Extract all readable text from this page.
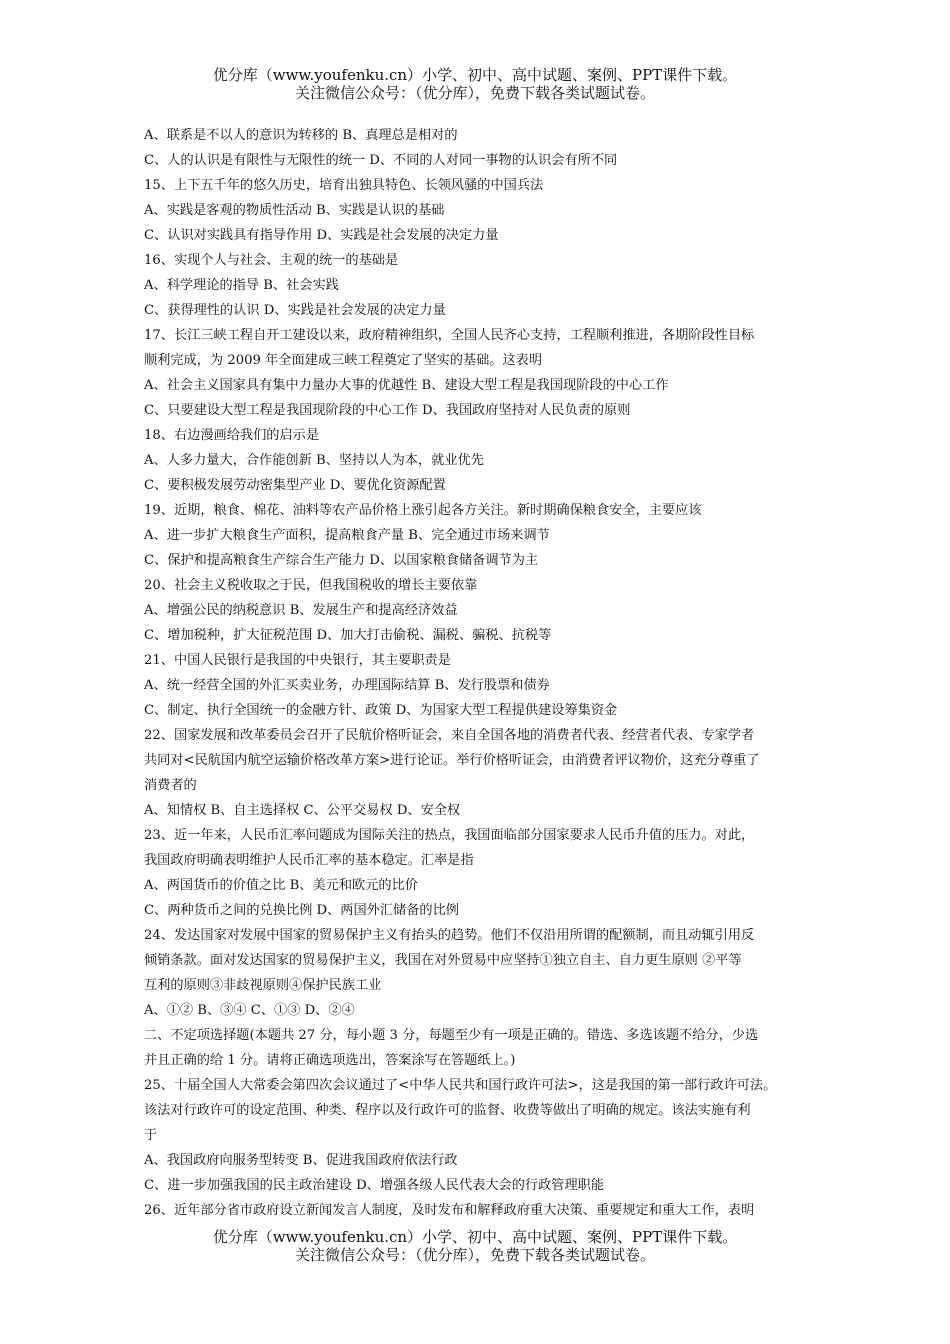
优分库（www.youfenku.cn）小学、初中、高中试题、案例、PPT课件下载。
关注微信公众号：（优分库），免费下载各类试题试卷。
A、联系是不以人的意识为转移的 B、真理总是相对的
C、人的认识是有限性与无限性的统一 D、不同的人对同一事物的认识会有所不同
15、上下五千年的悠久历史，培育出独具特色、长领风骚的中国兵法
A、实践是客观的物质性活动 B、实践是认识的基础
C、认识对实践具有指导作用 D、实践是社会发展的决定力量
16、实现个人与社会、主观的统一的基础是
A、科学理论的指导 B、社会实践
C、获得理性的认识 D、实践是社会发展的决定力量
17、长江三峡工程自开工建设以来，政府精神组织，全国人民齐心支持，工程顺利推进，各期阶段性目标
顺利完成，为 2009 年全面建成三峡工程奠定了坚实的基础。这表明
A、社会主义国家具有集中力量办大事的优越性 B、建设大型工程是我国现阶段的中心工作
C、只要建设大型工程是我国现阶段的中心工作 D、我国政府坚持对人民负责的原则
18、右边漫画给我们的启示是
A、人多力量大，合作能创新 B、坚持以人为本，就业优先
C、要积极发展劳动密集型产业 D、要优化资源配置
19、近期，粮食、棉花、油料等农产品价格上涨引起各方关注。新时期确保粮食安全，主要应该
A、进一步扩大粮食生产面积，提高粮食产量 B、完全通过市场来调节
C、保护和提高粮食生产综合生产能力 D、以国家粮食储备调节为主
20、社会主义税收取之于民，但我国税收的增长主要依靠
A、增强公民的纳税意识 B、发展生产和提高经济效益
C、增加税种，扩大征税范围 D、加大打击偷税、漏税、骗税、抗税等
21、中国人民银行是我国的中央银行，其主要职责是
A、统一经营全国的外汇买卖业务，办理国际结算 B、发行股票和债券
C、制定、执行全国统一的金融方针、政策 D、为国家大型工程提供建设筹集资金
22、国家发展和改革委员会召开了民航价格听证会，来自全国各地的消费者代表、经营者代表、专家学者
共同对<民航国内航空运输价格改革方案>进行论证。举行价格听证会，由消费者评议物价，这充分尊重了
消费者的
A、知情权 B、自主选择权 C、公平交易权 D、安全权
23、近一年来，人民币汇率问题成为国际关注的热点，我国面临部分国家要求人民币升值的压力。对此，
我国政府明确表明维护人民币汇率的基本稳定。汇率是指
A、两国货币的价值之比 B、美元和欧元的比价
C、两种货币之间的兑换比例 D、两国外汇储备的比例
24、发达国家对发展中国家的贸易保护主义有抬头的趋势。他们不仅沿用所谓的配额制，而且动辄引用反
倾销条款。面对发达国家的贸易保护主义，我国在对外贸易中应坚持①独立自主、自力更生原则 ②平等
互利的原则③非歧视原则④保护民族工业
A、①② B、③④ C、①③ D、②④
二、不定项选择题(本题共 27 分，每小题 3 分，每题至少有一项是正确的。错选、多选该题不给分，少选
并且正确的给 1 分。请将正确选项选出，答案涂写在答题纸上。)
25、十届全国人大常委会第四次会议通过了<中华人民共和国行政许可法>，这是我国的第一部行政许可法。
该法对行政许可的设定范围、种类、程序以及行政许可的监督、收费等做出了明确的规定。该法实施有利
于
A、我国政府向服务型转变 B、促进我国政府依法行政
C、进一步加强我国的民主政治建设 D、增强各级人民代表大会的行政管理职能
26、近年部分省市政府设立新闻发言人制度，及时发布和解释政府重大决策、重要规定和重大工作，表明
优分库（www.youfenku.cn）小学、初中、高中试题、案例、PPT课件下载。
关注微信公众号：（优分库），免费下载各类试题试卷。
